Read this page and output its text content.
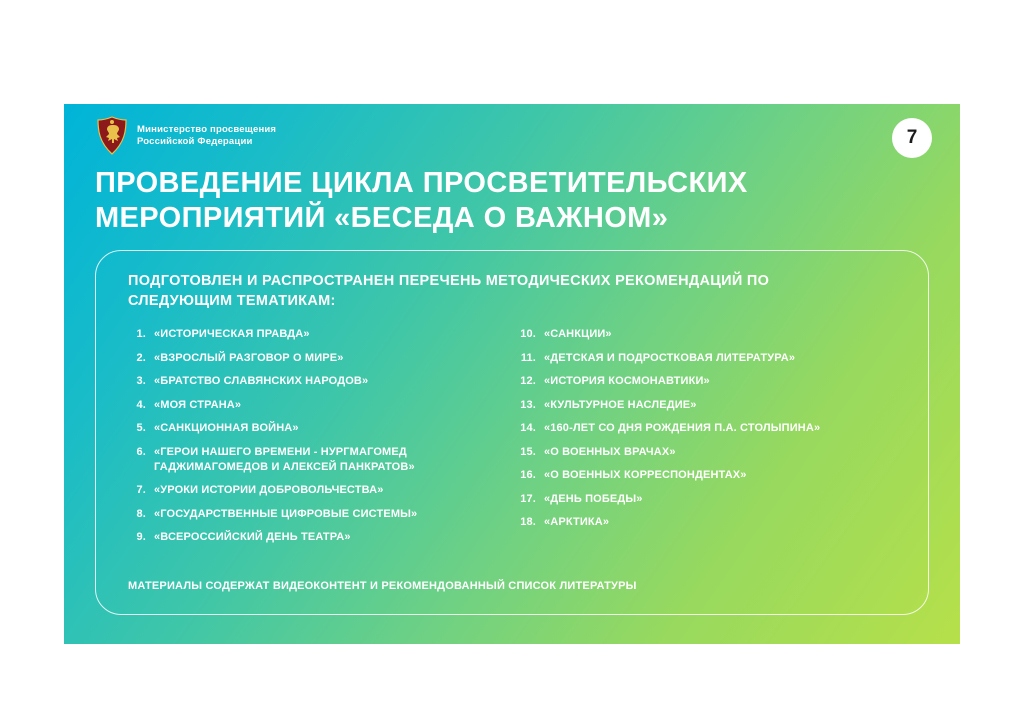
Министерство просвещения
Российской Федерации	7
ПРОВЕДЕНИЕ ЦИКЛА ПРОСВЕТИТЕЛЬСКИХ МЕРОПРИЯТИЙ «БЕСЕДА О ВАЖНОМ»
ПОДГОТОВЛЕН И РАСПРОСТРАНЕН ПЕРЕЧЕНЬ МЕТОДИЧЕСКИХ РЕКОМЕНДАЦИЙ ПО СЛЕДУЮЩИМ ТЕМАТИКАМ:
1. «ИСТОРИЧЕСКАЯ ПРАВДА»
2. «ВЗРОСЛЫЙ РАЗГОВОР О МИРЕ»
3. «БРАТСТВО СЛАВЯНСКИХ НАРОДОВ»
4. «МОЯ СТРАНА»
5. «САНКЦИОННАЯ ВОЙНА»
6. «ГЕРОИ НАШЕГО ВРЕМЕНИ - НУРГМАГОМЕД ГАДЖИМАГОМЕДОВ И АЛЕКСЕЙ ПАНКРАТОВ»
7. «УРОКИ ИСТОРИИ ДОБРОВОЛЬЧЕСТВА»
8. «ГОСУДАРСТВЕННЫЕ ЦИФРОВЫЕ СИСТЕМЫ»
9. «ВСЕРОССИЙСКИЙ ДЕНЬ ТЕАТРА»
10. «САНКЦИИ»
11. «ДЕТСКАЯ И ПОДРОСТКОВАЯ ЛИТЕРАТУРА»
12. «ИСТОРИЯ КОСМОНАВТИКИ»
13. «КУЛЬТУРНОЕ НАСЛЕДИЕ»
14. «160-ЛЕТ СО ДНЯ РОЖДЕНИЯ П.А. СТОЛЫПИНА»
15. «О ВОЕННЫХ ВРАЧАХ»
16. «О ВОЕННЫХ КОРРЕСПОНДЕНТАХ»
17. «ДЕНЬ ПОБЕДЫ»
18. «АРКТИКА»
МАТЕРИАЛЫ СОДЕРЖАТ ВИДЕОКОНТЕНТ И РЕКОМЕНДОВАННЫЙ СПИСОК ЛИТЕРАТУРЫ
